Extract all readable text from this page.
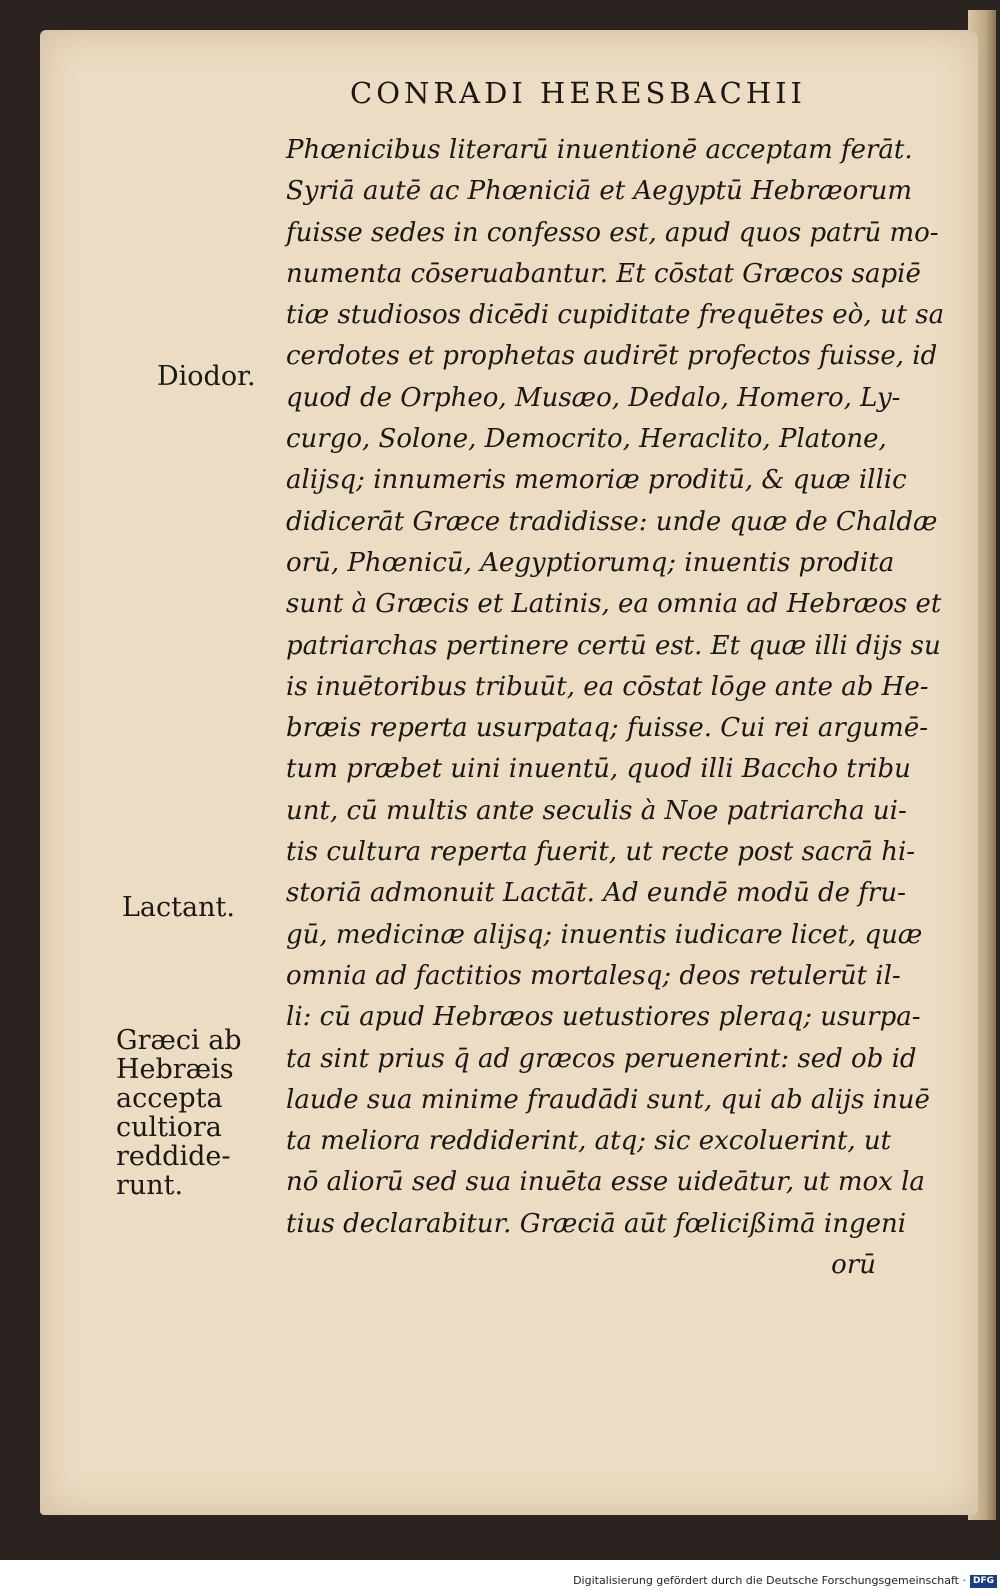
CONRADI HERESBACHII
Phœnicibus literarū inuentionē acceptam ferāt.
Syriā autē ac Phœniciā et Aegyptū Hebræorum
fuisse sedes in confesso est, apud quos patrū mo-
numenta cōseruabantur. Et cōstat Græcos sapiē
tiæ studiosos dicēdi cupiditate frequētes eò, ut sa
cerdotes et prophetas audirēt profectos fuisse, id
quod de Orpheo, Musæo, Dedalo, Homero, Ly-
curgo, Solone, Democrito, Heraclito, Platone,
alijsq; innumeris memoriæ proditū, & quæ illic
didicerāt Græce tradidisse: unde quæ de Chaldæ
orū, Phœnicū, Aegyptiorumq; inuentis prodita
sunt à Græcis et Latinis, ea omnia ad Hebræos et
patriarchas pertinere certū est. Et quæ illi dijs su
is inuētoribus tribuūt, ea cōstat lōge ante ab He-
bræis reperta usurpataq; fuisse. Cui rei argumē-
tum præbet uini inuentū, quod illi Baccho tribu
unt, cū multis ante seculis à Noe patriarcha ui-
tis cultura reperta fuerit, ut recte post sacrā hi-
storiā admonuit Lactāt. Ad eundē modū de fru-
gū, medicinæ alijsq; inuentis iudicare licet, quæ
omnia ad factitios mortalesq; deos retulerūt il-
li: cū apud Hebræos uetustiores pleraq; usurpa-
ta sint prius q̄ ad græcos peruenerint: sed ob id
laude sua minime fraudādi sunt, qui ab alijs inuē
ta meliora reddiderint, atq; sic excoluerint, ut
nō aliorū sed sua inuēta esse uideātur, ut mox la
tius declarabitur. Græciā aūt fœlicißimā ingeni
orū
Diodor.
Lactant.
Græci ab
Hebræis
accepta
cultiora
reddide-
runt.
Digitalisierung gefördert durch die Deutsche Forschungsgemeinschaft · DFG
